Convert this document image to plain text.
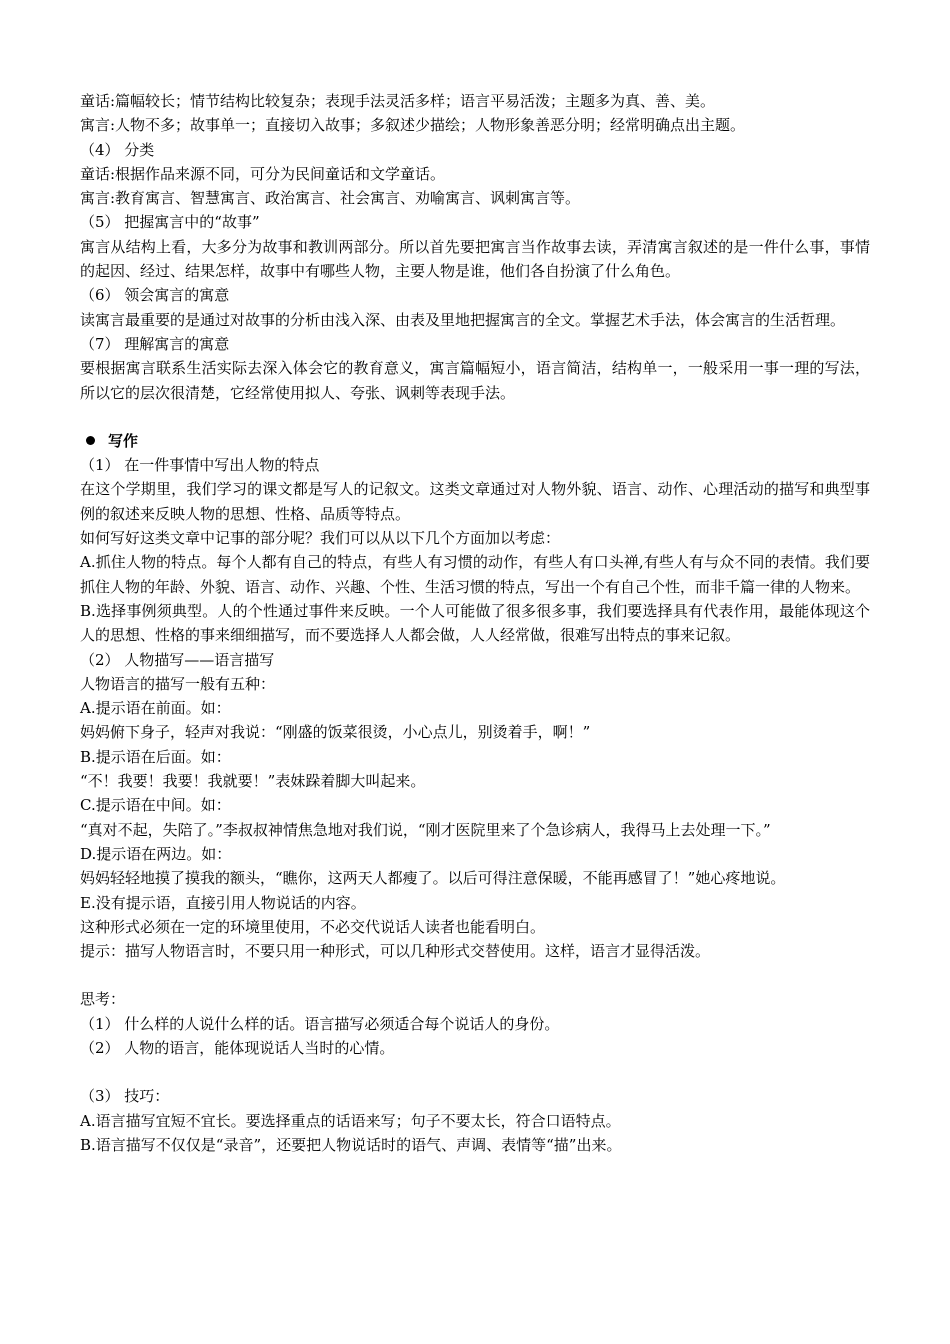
童话:篇幅较长；情节结构比较复杂；表现手法灵活多样；语言平易活泼；主题多为真、善、美。
寓言:人物不多；故事单一；直接切入故事；多叙述少描绘；人物形象善恶分明；经常明确点出主题。
（4） 分类
童话:根据作品来源不同，可分为民间童话和文学童话。
寓言:教育寓言、智慧寓言、政治寓言、社会寓言、劝喻寓言、讽刺寓言等。
（5） 把握寓言中的“故事”
寓言从结构上看，大多分为故事和教训两部分。所以首先要把寓言当作故事去读，弄清寓言叙述的是一件什么事，事情的起因、经过、结果怎样，故事中有哪些人物，主要人物是谁，他们各自扮演了什么角色。
（6） 领会寓言的寓意
读寓言最重要的是通过对故事的分析由浅入深、由表及里地把握寓言的全文。掌握艺术手法，体会寓言的生活哲理。
（7） 理解寓言的寓意
要根据寓言联系生活实际去深入体会它的教育意义，寓言篇幅短小，语言简洁，结构单一，一般采用一事一理的写法，所以它的层次很清楚，它经常使用拟人、夸张、讽刺等表现手法。
写作
（1） 在一件事情中写出人物的特点
在这个学期里，我们学习的课文都是写人的记叙文。这类文章通过对人物外貌、语言、动作、心理活动的描写和典型事例的叙述来反映人物的思想、性格、品质等特点。
如何写好这类文章中记事的部分呢？我们可以从以下几个方面加以考虑：
A.抓住人物的特点。每个人都有自己的特点，有些人有习惯的动作，有些人有口头禅,有些人有与众不同的表情。我们要抓住人物的年龄、外貌、语言、动作、兴趣、个性、生活习惯的特点，写出一个有自己个性，而非千篇一律的人物来。
B.选择事例须典型。人的个性通过事件来反映。一个人可能做了很多很多事，我们要选择具有代表作用，最能体现这个人的思想、性格的事来细细描写，而不要选择人人都会做，人人经常做，很难写出特点的事来记叙。
（2） 人物描写——语言描写
人物语言的描写一般有五种：
A.提示语在前面。如：
妈妈俯下身子，轻声对我说：“刚盛的饭菜很烫，小心点儿，别烫着手，啊！”
B.提示语在后面。如：
“不！我要！我要！我就要！”表妹跺着脚大叫起来。
C.提示语在中间。如：
“真对不起，失陪了。”李叔叔神情焦急地对我们说，“刚才医院里来了个急诊病人，我得马上去处理一下。”
D.提示语在两边。如：
妈妈轻轻地摸了摸我的额头，“瞧你，这两天人都瘦了。以后可得注意保暖，不能再感冒了！”她心疼地说。
E.没有提示语，直接引用人物说话的内容。
这种形式必须在一定的环境里使用，不必交代说话人读者也能看明白。
提示：描写人物语言时，不要只用一种形式，可以几种形式交替使用。这样，语言才显得活泼。
思考：
（1） 什么样的人说什么样的话。语言描写必须适合每个说话人的身份。
（2） 人物的语言，能体现说话人当时的心情。
（3） 技巧：
A.语言描写宜短不宜长。要选择重点的话语来写；句子不要太长，符合口语特点。
B.语言描写不仅仅是“录音”，还要把人物说话时的语气、声调、表情等“描”出来。
